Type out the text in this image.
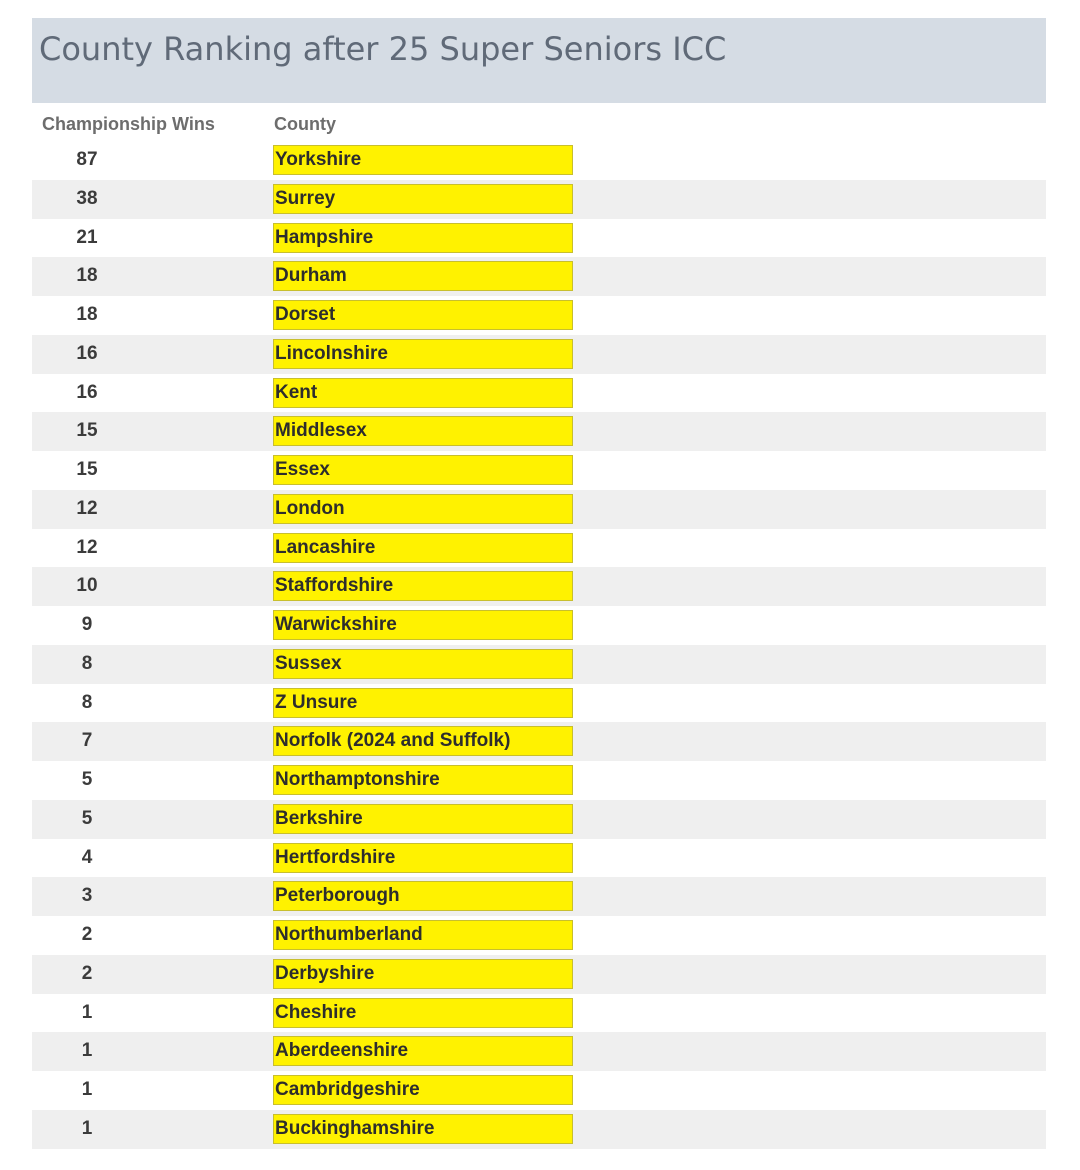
County Ranking after 25 Super Seniors ICC
Championship Wins	County
87	Yorkshire
38	Surrey
21	Hampshire
18	Durham
18	Dorset
16	Lincolnshire
16	Kent
15	Middlesex
15	Essex
12	London
12	Lancashire
10	Staffordshire
9	Warwickshire
8	Sussex
8	Z Unsure
7	Norfolk (2024 and Suffolk)
5	Northamptonshire
5	Berkshire
4	Hertfordshire
3	Peterborough
2	Northumberland
2	Derbyshire
1	Cheshire
1	Aberdeenshire
1	Cambridgeshire
1	Buckinghamshire
